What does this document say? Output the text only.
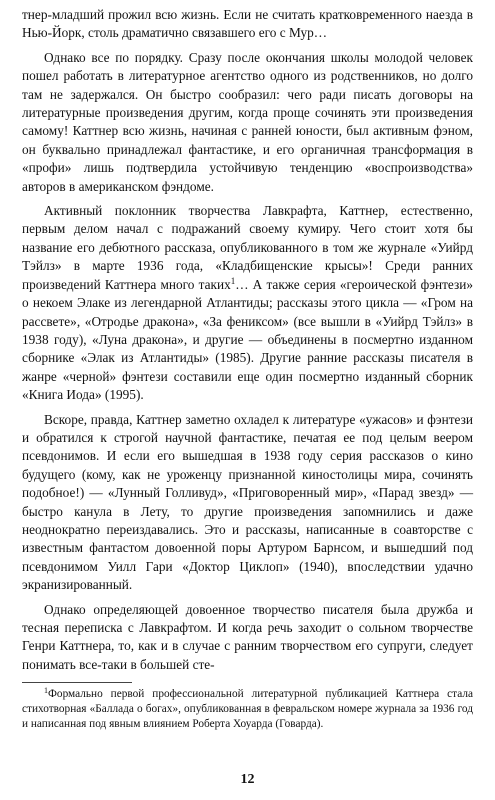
тнер-младший прожил всю жизнь. Если не считать кратковременного наезда в Нью-Йорк, столь драматично связавшего его с Мур…

Однако все по порядку. Сразу после окончания школы молодой человек пошел работать в литературное агентство одного из родственников, но долго там не задержался. Он быстро сообразил: чего ради писать договоры на литературные произведения другим, когда проще сочинять эти произведения самому! Каттнер всю жизнь, начиная с ранней юности, был активным фэном, он буквально принадлежал фантастике, и его органичная трансформация в «профи» лишь подтвердила устойчивую тенденцию «воспроизводства» авторов в американском фэндоме.

Активный поклонник творчества Лавкрафта, Каттнер, естественно, первым делом начал с подражаний своему кумиру. Чего стоит хотя бы название его дебютного рассказа, опубликованного в том же журнале «Уийрд Тэйлз» в марте 1936 года, «Кладбищенские крысы»! Среди ранних произведений Каттнера много таких$^1$… А также серия «героической фэнтези» о некоем Элаке из легендарной Атлантиды; рассказы этого цикла — «Гром на рассвете», «Отродье дракона», «За фениксом» (все вышли в «Уийрд Тэйлз» в 1938 году), «Луна дракона», и другие — объединены в посмертно изданном сборнике «Элак из Атлантиды» (1985). Другие ранние рассказы писателя в жанре «черной» фэнтези составили еще один посмертно изданный сборник «Книга Иода» (1995).

Вскоре, правда, Каттнер заметно охладел к литературе «ужасов» и фэнтези и обратился к строгой научной фантастике, печатая ее под целым веером псевдонимов. И если его вышедшая в 1938 году серия рассказов о кино будущего (кому, как не уроженцу признанной киностолицы мира, сочинять подобное!) — «Лунный Голливуд», «Приговоренный мир», «Парад звезд» — быстро канула в Лету, то другие произведения запомнились и даже неоднократно переиздавались. Это и рассказы, написанные в соавторстве с известным фантастом довоенной поры Артуром Барнсом, и вышедший под псевдонимом Уилл Гари «Доктор Циклоп» (1940), впоследствии удачно экранизированный.

Однако определяющей довоенное творчество писателя была дружба и тесная переписка с Лавкрафтом. И когда речь заходит о сольном творчестве Генри Каттнера, то, как и в случае с ранним творчеством его супруги, следует понимать все-таки в большей сте-

$^1$Формально первой профессиональной литературной публикацией Каттнера стала стихотворная «Баллада о богах», опубликованная в февральском номере журнала за 1936 год и написанная под явным влиянием Роберта Хоуарда (Говарда).

12
